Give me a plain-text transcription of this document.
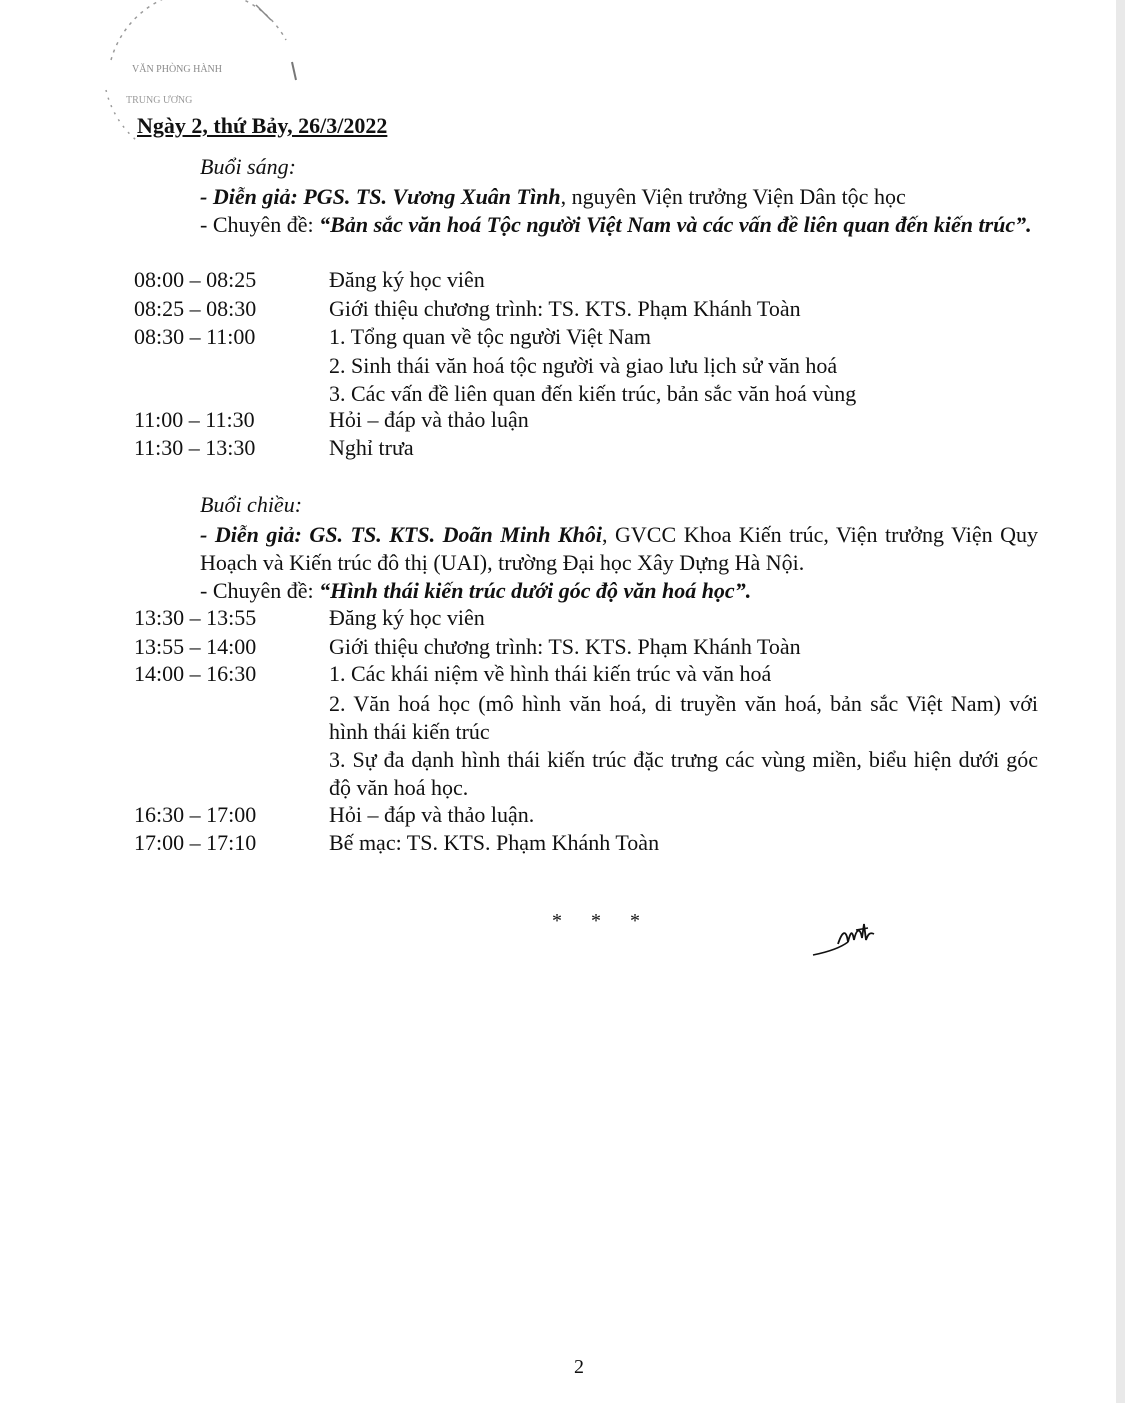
VĂN PHÒNG HÀNH
TRUNG ƯƠNG
Ngày 2, thứ Bảy, 26/3/2022
Buổi sáng:
- Diễn giả: PGS. TS. Vương Xuân Tình, nguyên Viện trưởng Viện Dân tộc học
- Chuyên đề: “Bản sắc văn hoá Tộc người Việt Nam và các vấn đề liên quan đến kiến trúc”.
08:00 – 08:25	Đăng ký học viên
08:25 – 08:30	Giới thiệu chương trình: TS. KTS. Phạm Khánh Toàn
08:30 – 11:00	1. Tổng quan về tộc người Việt Nam
2. Sinh thái văn hoá tộc người và giao lưu lịch sử văn hoá
3. Các vấn đề liên quan đến kiến trúc, bản sắc văn hoá vùng
11:00 – 11:30	Hỏi – đáp và thảo luận
11:30 – 13:30	Nghỉ trưa
Buổi chiều:
- Diễn giả: GS. TS. KTS. Doãn Minh Khôi, GVCC Khoa Kiến trúc, Viện trưởng Viện Quy Hoạch và Kiến trúc đô thị (UAI), trường Đại học Xây Dựng Hà Nội.
- Chuyên đề: “Hình thái kiến trúc dưới góc độ văn hoá học”.
13:30 – 13:55	Đăng ký học viên
13:55 – 14:00	Giới thiệu chương trình: TS. KTS. Phạm Khánh Toàn
14:00 – 16:30	1. Các khái niệm về hình thái kiến trúc và văn hoá
2. Văn hoá học (mô hình văn hoá, di truyền văn hoá, bản sắc Việt Nam) với hình thái kiến trúc
3. Sự đa dạnh hình thái kiến trúc đặc trưng các vùng miền, biểu hiện dưới góc độ văn hoá học.
16:30 – 17:00	Hỏi – đáp và thảo luận.
17:00 – 17:10	Bế mạc: TS. KTS. Phạm Khánh Toàn
* * *
2
